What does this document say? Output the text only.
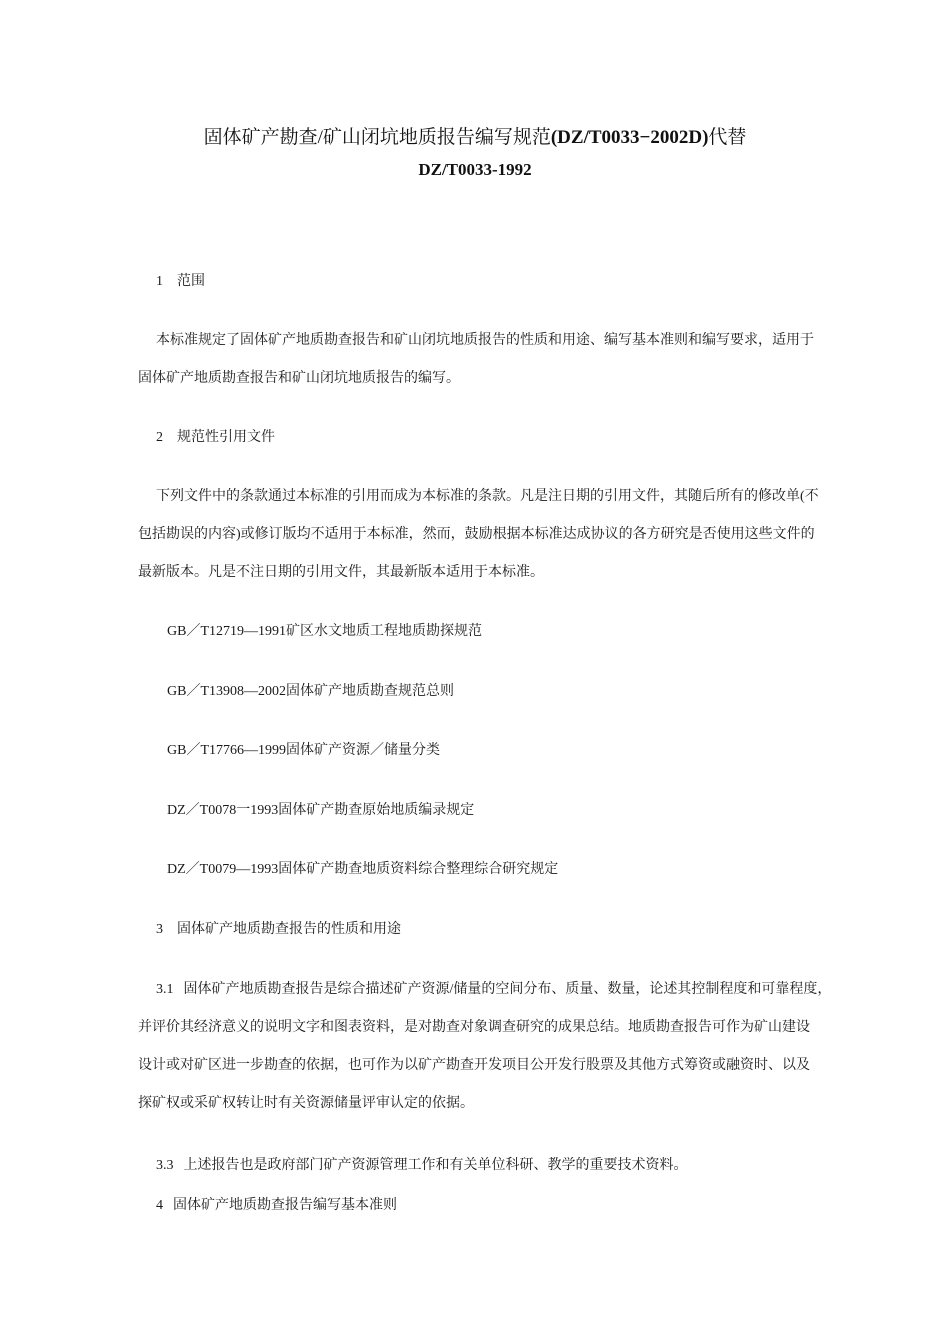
固体矿产勘查/矿山闭坑地质报告编写规范(DZ/T0033−2002D)代替
DZ/T0033-1992
1 范围
本标准规定了固体矿产地质勘查报告和矿山闭坑地质报告的性质和用途、编写基本准则和编写要求，适用于
固体矿产地质勘查报告和矿山闭坑地质报告的编写。
2 规范性引用文件
下列文件中的条款通过本标准的引用而成为本标准的条款。凡是注日期的引用文件，其随后所有的修改单(不
包括勘误的内容)或修订版均不适用于本标准，然而，鼓励根据本标准达成协议的各方研究是否使用这些文件的
最新版本。凡是不注日期的引用文件，其最新版本适用于本标准。
GB／T12719—1991矿区水文地质工程地质勘探规范
GB／T13908—2002固体矿产地质勘查规范总则
GB／T17766—1999固体矿产资源／储量分类
DZ／T0078一1993固体矿产勘查原始地质编录规定
DZ／T0079—1993固体矿产勘查地质资料综合整理综合研究规定
3 固体矿产地质勘查报告的性质和用途
3.1 固体矿产地质勘查报告是综合描述矿产资源/储量的空间分布、质量、数量，论述其控制程度和可靠程度，
并评价其经济意义的说明文字和图表资料，是对勘查对象调查研究的成果总结。地质勘查报告可作为矿山建设
设计或对矿区进一步勘查的依据，也可作为以矿产勘查开发项目公开发行股票及其他方式筹资或融资时、以及
探矿权或采矿权转让时有关资源储量评审认定的依据。
3.3 上述报告也是政府部门矿产资源管理工作和有关单位科研、教学的重要技术资料。
4 固体矿产地质勘查报告编写基本准则
